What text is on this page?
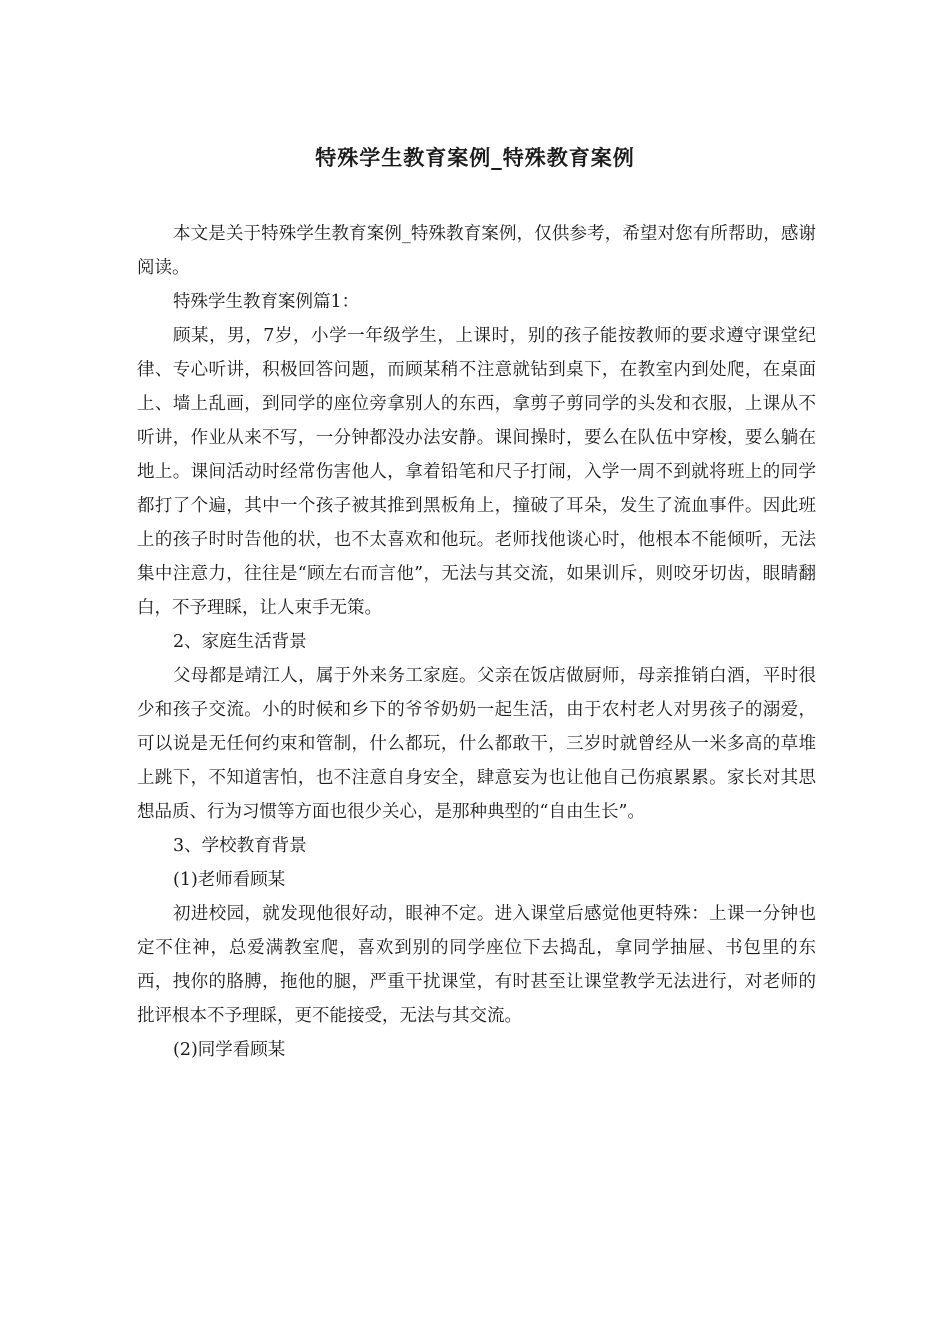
特殊学生教育案例_特殊教育案例

本文是关于特殊学生教育案例_特殊教育案例，仅供参考，希望对您有所帮助，感谢阅读。

特殊学生教育案例篇1：

顾某，男，7岁，小学一年级学生，上课时，别的孩子能按教师的要求遵守课堂纪律、专心听讲，积极回答问题，而顾某稍不注意就钻到桌下，在教室内到处爬，在桌面上、墙上乱画，到同学的座位旁拿别人的东西，拿剪子剪同学的头发和衣服，上课从不听讲，作业从来不写，一分钟都没办法安静。课间操时，要么在队伍中穿梭，要么躺在地上。课间活动时经常伤害他人，拿着铅笔和尺子打闹，入学一周不到就将班上的同学都打了个遍，其中一个孩子被其推到黑板角上，撞破了耳朵，发生了流血事件。因此班上的孩子时时告他的状，也不太喜欢和他玩。老师找他谈心时，他根本不能倾听，无法集中注意力，往往是“顾左右而言他”，无法与其交流，如果训斥，则咬牙切齿，眼睛翻白，不予理睬，让人束手无策。

2、家庭生活背景

父母都是靖江人，属于外来务工家庭。父亲在饭店做厨师，母亲推销白酒，平时很少和孩子交流。小的时候和乡下的爷爷奶奶一起生活，由于农村老人对男孩子的溺爱，可以说是无任何约束和管制，什么都玩，什么都敢干，三岁时就曾经从一米多高的草堆上跳下，不知道害怕，也不注意自身安全，肆意妄为也让他自己伤痕累累。家长对其思想品质、行为习惯等方面也很少关心，是那种典型的“自由生长”。

3、学校教育背景

(1)老师看顾某

初进校园，就发现他很好动，眼神不定。进入课堂后感觉他更特殊：上课一分钟也定不住神，总爱满教室爬，喜欢到别的同学座位下去捣乱，拿同学抽屉、书包里的东西，拽你的胳膊，拖他的腿，严重干扰课堂，有时甚至让课堂教学无法进行，对老师的批评根本不予理睬，更不能接受，无法与其交流。

(2)同学看顾某
